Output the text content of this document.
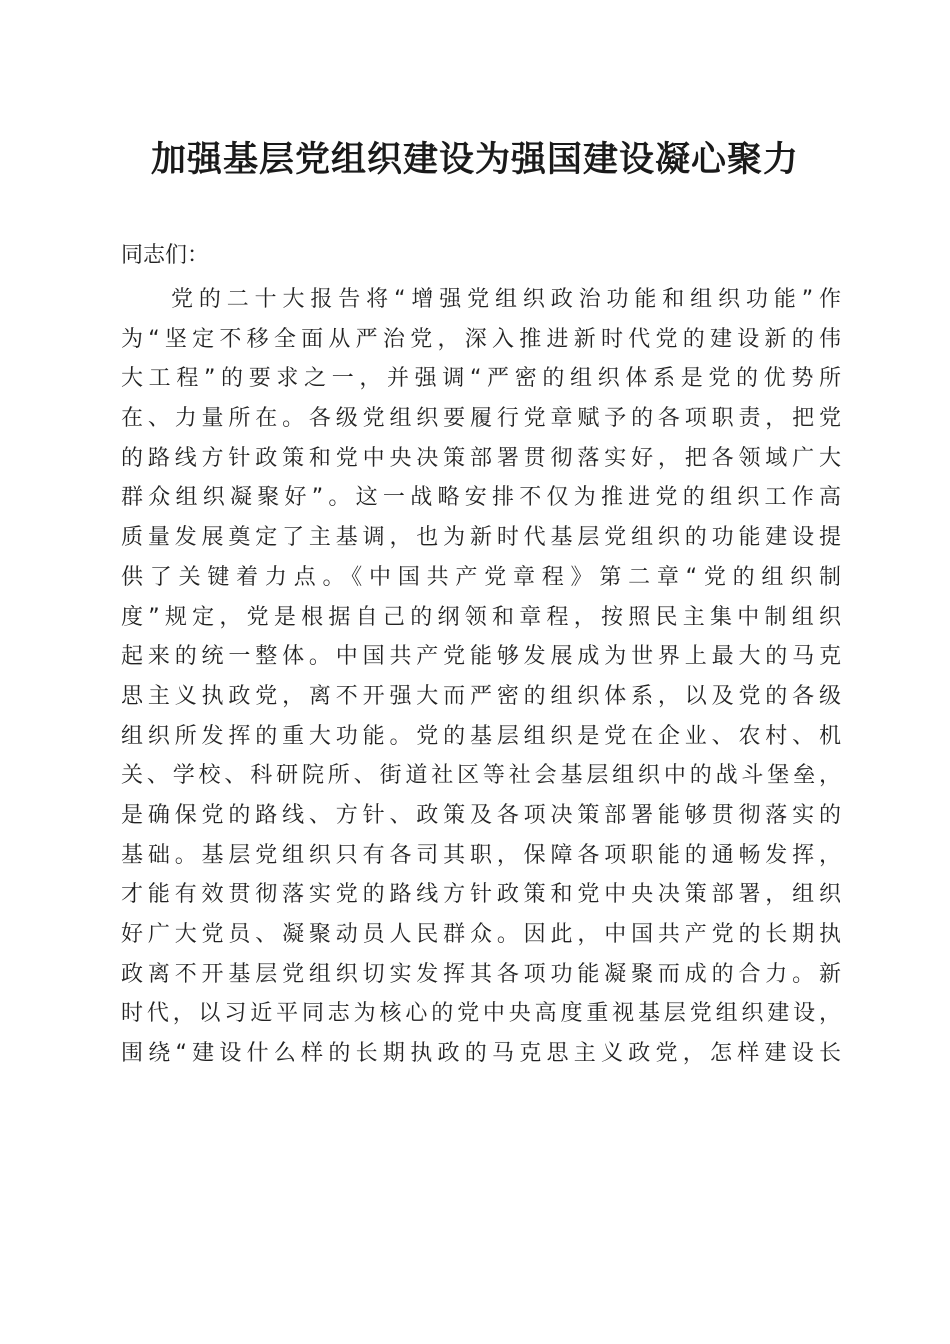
加强基层党组织建设为强国建设凝心聚力
同志们：
党的二十大报告将“增强党组织政治功能和组织功能”作
为“坚定不移全面从严治党，深入推进新时代党的建设新的伟
大工程”的要求之一，并强调“严密的组织体系是党的优势所
在、力量所在。各级党组织要履行党章赋予的各项职责，把党
的路线方针政策和党中央决策部署贯彻落实好，把各领域广大
群众组织凝聚好”。这一战略安排不仅为推进党的组织工作高
质量发展奠定了主基调，也为新时代基层党组织的功能建设提
供了关键着力点。《中国共产党章程》第二章“党的组织制
度”规定，党是根据自己的纲领和章程，按照民主集中制组织
起来的统一整体。中国共产党能够发展成为世界上最大的马克
思主义执政党，离不开强大而严密的组织体系，以及党的各级
组织所发挥的重大功能。党的基层组织是党在企业、农村、机
关、学校、科研院所、街道社区等社会基层组织中的战斗堡垒，
是确保党的路线、方针、政策及各项决策部署能够贯彻落实的
基础。基层党组织只有各司其职，保障各项职能的通畅发挥，
才能有效贯彻落实党的路线方针政策和党中央决策部署，组织
好广大党员、凝聚动员人民群众。因此，中国共产党的长期执
政离不开基层党组织切实发挥其各项功能凝聚而成的合力。新
时代，以习近平同志为核心的党中央高度重视基层党组织建设，
围绕“建设什么样的长期执政的马克思主义政党，怎样建设长
